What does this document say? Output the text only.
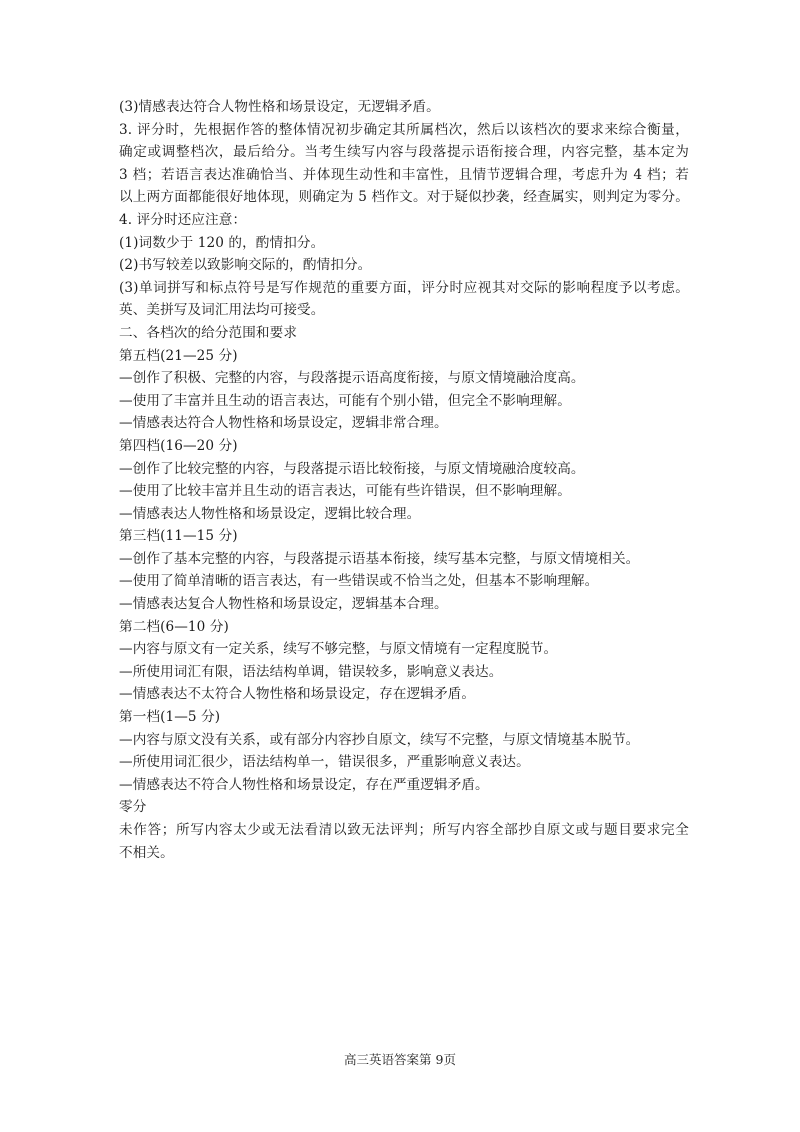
(3)情感表达符合人物性格和场景设定，无逻辑矛盾。
3. 评分时，先根据作答的整体情况初步确定其所属档次，然后以该档次的要求来综合衡量，
确定或调整档次，最后给分。当考生续写内容与段落提示语衔接合理，内容完整，基本定为
3 档；若语言表达准确恰当、并体现生动性和丰富性，且情节逻辑合理，考虑升为 4 档；若
以上两方面都能很好地体现，则确定为 5 档作文。对于疑似抄袭，经查属实，则判定为零分。
4. 评分时还应注意：
(1)词数少于 120 的，酌情扣分。
(2)书写较差以致影响交际的，酌情扣分。
(3)单词拼写和标点符号是写作规范的重要方面，评分时应视其对交际的影响程度予以考虑。
英、美拼写及词汇用法均可接受。
二、各档次的给分范围和要求
第五档(21—25 分)
—创作了积极、完整的内容，与段落提示语高度衔接，与原文情境融洽度高。
—使用了丰富并且生动的语言表达，可能有个别小错，但完全不影响理解。
—情感表达符合人物性格和场景设定，逻辑非常合理。
第四档(16—20 分)
—创作了比较完整的内容，与段落提示语比较衔接，与原文情境融洽度较高。
—使用了比较丰富并且生动的语言表达，可能有些许错误，但不影响理解。
—情感表达人物性格和场景设定，逻辑比较合理。
第三档(11—15 分)
—创作了基本完整的内容，与段落提示语基本衔接，续写基本完整，与原文情境相关。
—使用了简单清晰的语言表达，有一些错误或不恰当之处，但基本不影响理解。
—情感表达复合人物性格和场景设定，逻辑基本合理。
第二档(6—10 分)
—内容与原文有一定关系，续写不够完整，与原文情境有一定程度脱节。
—所使用词汇有限，语法结构单调，错误较多，影响意义表达。
—情感表达不太符合人物性格和场景设定，存在逻辑矛盾。
第一档(1—5 分)
—内容与原文没有关系，或有部分内容抄自原文，续写不完整，与原文情境基本脱节。
—所使用词汇很少，语法结构单一，错误很多，严重影响意义表达。
—情感表达不符合人物性格和场景设定，存在严重逻辑矛盾。
零分
未作答；所写内容太少或无法看清以致无法评判；所写内容全部抄自原文或与题目要求完全
不相关。
高三英语答案第 9页
